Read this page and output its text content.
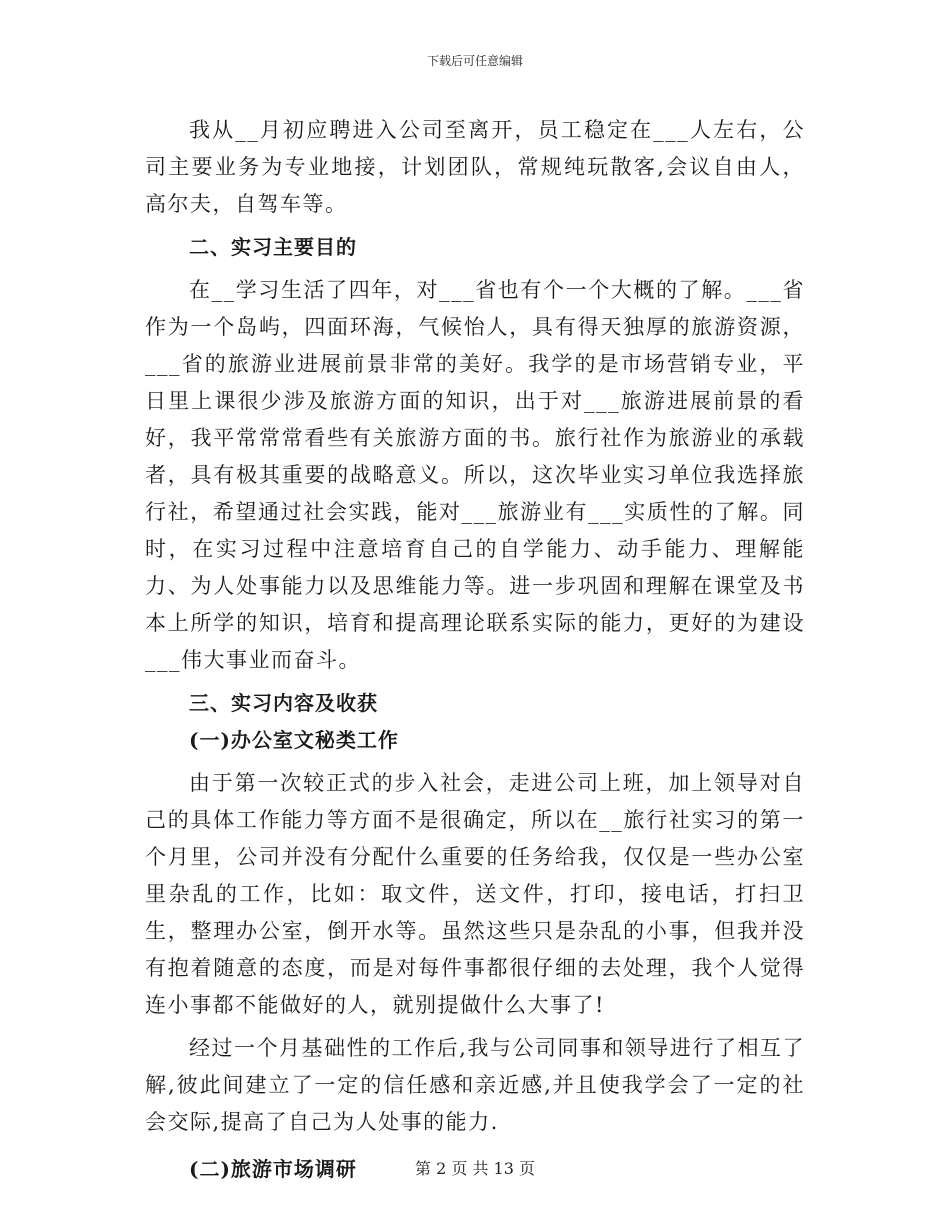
下载后可任意编辑

我从__月初应聘进入公司至离开，员工稳定在___人左右，公司主要业务为专业地接，计划团队，常规纯玩散客,会议自由人，高尔夫，自驾车等。

二、实习主要目的

在__学习生活了四年，对___省也有个一个大概的了解。___省作为一个岛屿，四面环海，气候怡人，具有得天独厚的旅游资源，___省的旅游业进展前景非常的美好。我学的是市场营销专业，平日里上课很少涉及旅游方面的知识，出于对___旅游进展前景的看好，我平常常常看些有关旅游方面的书。旅行社作为旅游业的承载者，具有极其重要的战略意义。所以，这次毕业实习单位我选择旅行社，希望通过社会实践，能对___旅游业有___实质性的了解。同时，在实习过程中注意培育自己的自学能力、动手能力、理解能力、为人处事能力以及思维能力等。进一步巩固和理解在课堂及书本上所学的知识，培育和提高理论联系实际的能力，更好的为建设___伟大事业而奋斗。

三、实习内容及收获

(一)办公室文秘类工作

由于第一次较正式的步入社会，走进公司上班，加上领导对自己的具体工作能力等方面不是很确定，所以在__旅行社实习的第一个月里，公司并没有分配什么重要的任务给我，仅仅是一些办公室里杂乱的工作，比如：取文件，送文件，打印，接电话，打扫卫生，整理办公室，倒开水等。虽然这些只是杂乱的小事，但我并没有抱着随意的态度，而是对每件事都很仔细的去处理，我个人觉得连小事都不能做好的人，就别提做什么大事了!

经过一个月基础性的工作后,我与公司同事和领导进行了相互了解,彼此间建立了一定的信任感和亲近感,并且使我学会了一定的社会交际,提高了自己为人处事的能力.

(二)旅游市场调研	第 2 页 共 13 页
